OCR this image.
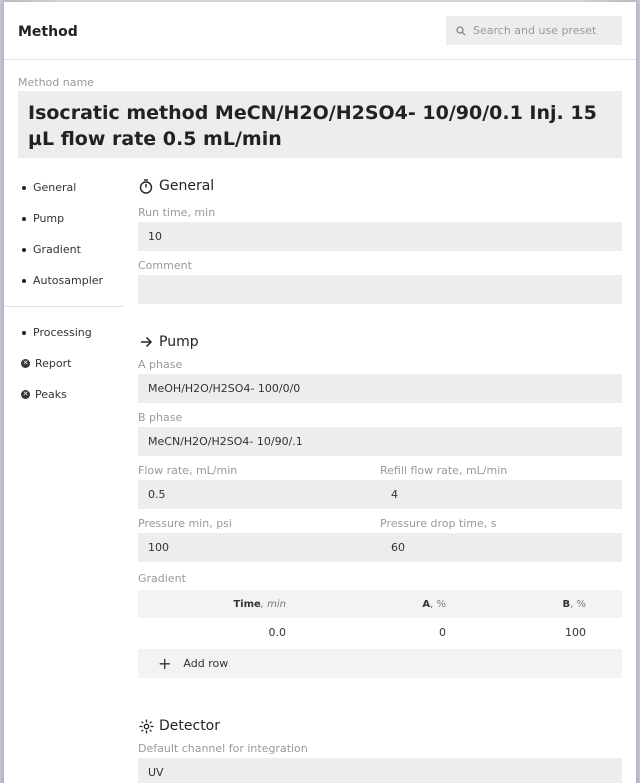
Method
Search and use preset
Method name
Isocratic method MeCN/H2O/H2SO4- 10/90/0.1 Inj. 15 µL flow rate 0.5 mL/min
General
Pump
Gradient
Autosampler
Processing
✕ Report
✕ Peaks
General
Run time, min
10
Comment
Pump
A phase
MeOH/H2O/H2SO4- 100/0/0
B phase
MeCN/H2O/H2SO4- 10/90/.1
Flow rate, mL/min
0.5
Refill flow rate, mL/min
4
Pressure min, psi
100
Pressure drop time, s
60
Gradient
Time, min	A, %	B, %
0.0	0	100
+ Add row
Detector
Default channel for integration
UV
